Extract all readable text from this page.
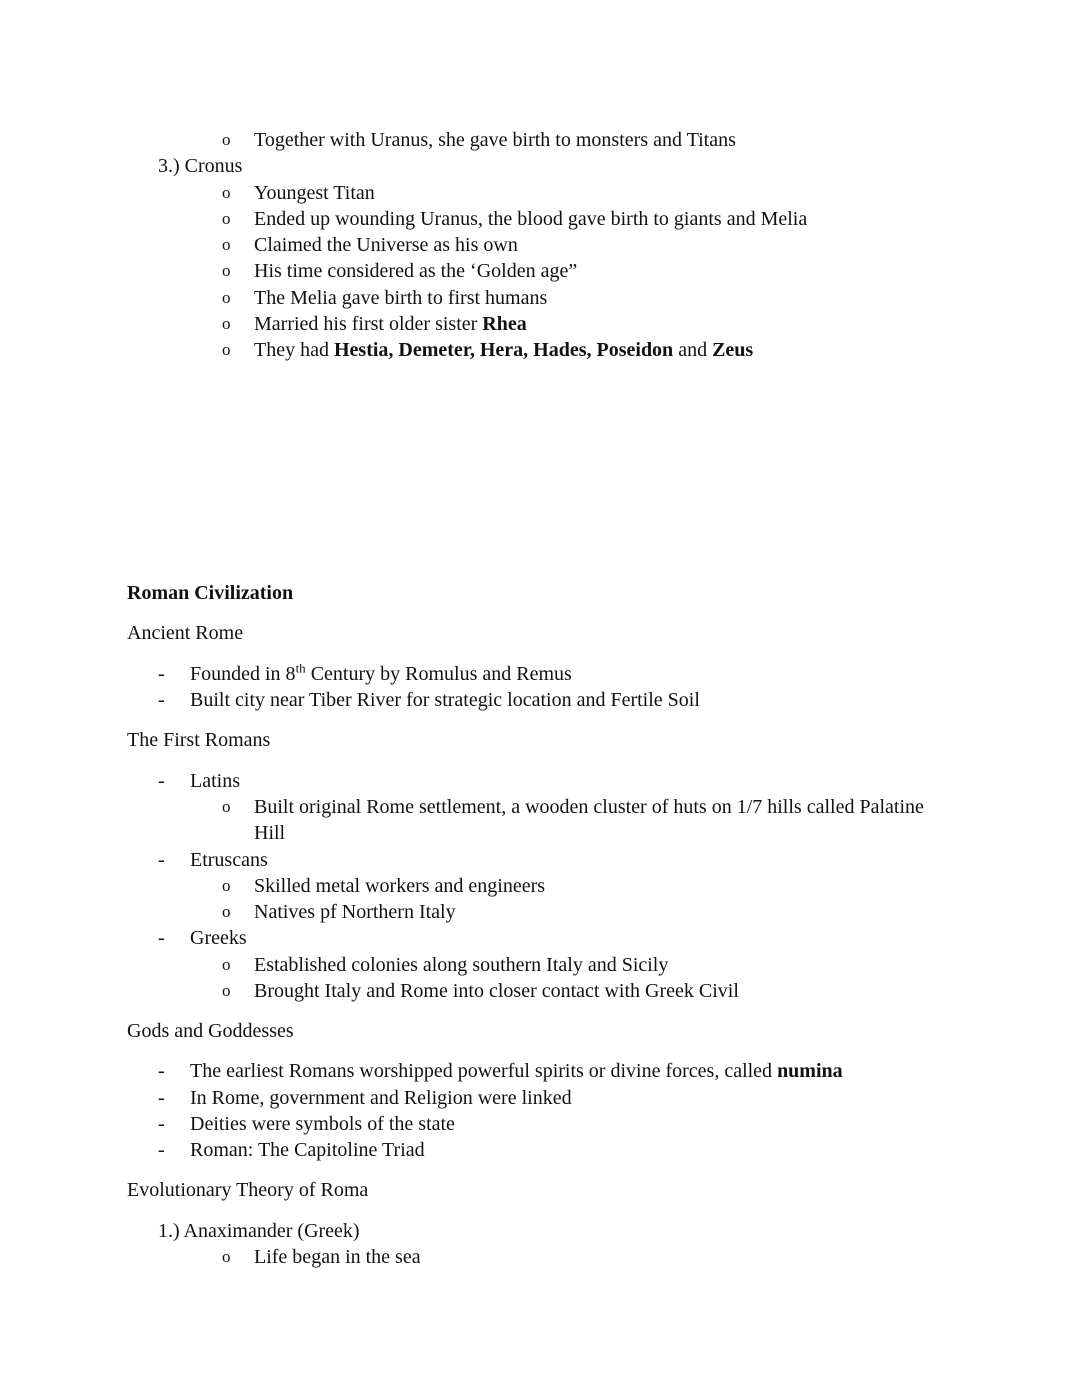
o Together with Uranus, she gave birth to monsters and Titans
3.) Cronus
o Youngest Titan
o Ended up wounding Uranus, the blood gave birth to giants and Melia
o Claimed the Universe as his own
o His time considered as the ‘Golden age”
o The Melia gave birth to first humans
o Married his first older sister Rhea
o They had Hestia, Demeter, Hera, Hades, Poseidon and Zeus
Roman Civilization
Ancient Rome
- Founded in 8th Century by Romulus and Remus
- Built city near Tiber River for strategic location and Fertile Soil
The First Romans
- Latins
o Built original Rome settlement, a wooden cluster of huts on 1/7 hills called Palatine
Hill
- Etruscans
o Skilled metal workers and engineers
o Natives pf Northern Italy
- Greeks
o Established colonies along southern Italy and Sicily
o Brought Italy and Rome into closer contact with Greek Civil
Gods and Goddesses
- The earliest Romans worshipped powerful spirits or divine forces, called numina
- In Rome, government and Religion were linked
- Deities were symbols of the state
- Roman: The Capitoline Triad
Evolutionary Theory of Roma
1.) Anaximander (Greek)
o Life began in the sea
